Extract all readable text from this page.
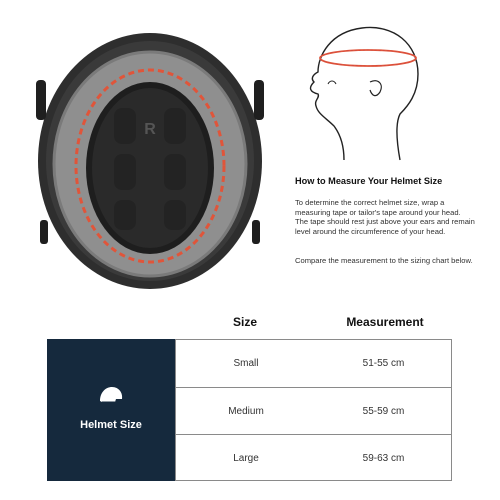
R
How to Measure Your Helmet Size

To determine the correct helmet size, wrap a measuring tape or tailor's tape around your head. The tape should rest just above your ears and remain level around the circumference of your head.

Compare the measurement to the sizing chart below.

Size	Measurement
Helmet Size
Small	51-55 cm
Medium	55-59 cm
Large	59-63 cm
